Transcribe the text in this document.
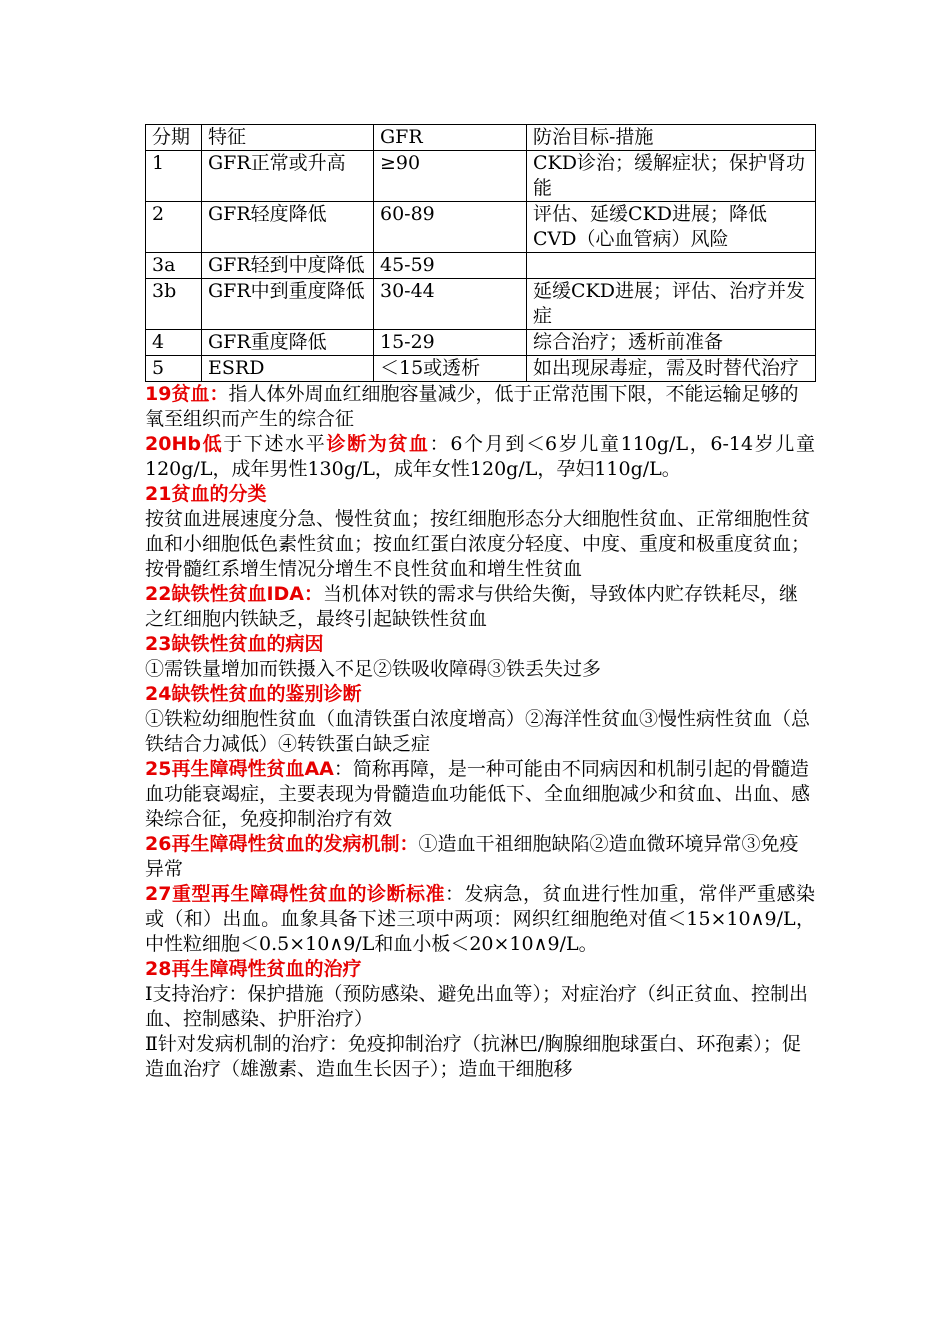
分期	特征	GFR	防治目标-措施
1	GFR正常或升高	≥90	CKD诊治；缓解症状；保护肾功能
2	GFR轻度降低	60-89	评估、延缓CKD进展；降低CVD（心血管病）风险
3a	GFR轻到中度降低	45-59	
3b	GFR中到重度降低	30-44	延缓CKD进展；评估、治疗并发症
4	GFR重度降低	15-29	综合治疗；透析前准备
5	ESRD	＜15或透析	如出现尿毒症，需及时替代治疗

19贫血：指人体外周血红细胞容量减少，低于正常范围下限，不能运输足够的氧至组织而产生的综合征

20Hb低于下述水平诊断为贫血：6个月到＜6岁儿童110g/L，6-14岁儿童120g/L，成年男性130g/L，成年女性120g/L，孕妇110g/L。

21贫血的分类

按贫血进展速度分急、慢性贫血；按红细胞形态分大细胞性贫血、正常细胞性贫血和小细胞低色素性贫血；按血红蛋白浓度分轻度、中度、重度和极重度贫血；按骨髓红系增生情况分增生不良性贫血和增生性贫血

22缺铁性贫血IDA：当机体对铁的需求与供给失衡，导致体内贮存铁耗尽，继之红细胞内铁缺乏，最终引起缺铁性贫血

23缺铁性贫血的病因

①需铁量增加而铁摄入不足②铁吸收障碍③铁丢失过多

24缺铁性贫血的鉴别诊断

①铁粒幼细胞性贫血（血清铁蛋白浓度增高）②海洋性贫血③慢性病性贫血（总铁结合力减低）④转铁蛋白缺乏症

25再生障碍性贫血AA：简称再障，是一种可能由不同病因和机制引起的骨髓造血功能衰竭症，主要表现为骨髓造血功能低下、全血细胞减少和贫血、出血、感染综合征，免疫抑制治疗有效

26再生障碍性贫血的发病机制：①造血干祖细胞缺陷②造血微环境异常③免疫异常

27重型再生障碍性贫血的诊断标准：发病急，贫血进行性加重，常伴严重感染或（和）出血。血象具备下述三项中两项：网织红细胞绝对值＜15×10∧9/L，中性粒细胞＜0.5×10∧9/L和血小板＜20×10∧9/L。

28再生障碍性贫血的治疗

Ⅰ支持治疗：保护措施（预防感染、避免出血等）；对症治疗（纠正贫血、控制出血、控制感染、护肝治疗）

Ⅱ针对发病机制的治疗：免疫抑制治疗（抗淋巴/胸腺细胞球蛋白、环孢素）；促造血治疗（雄激素、造血生长因子）；造血干细胞移
